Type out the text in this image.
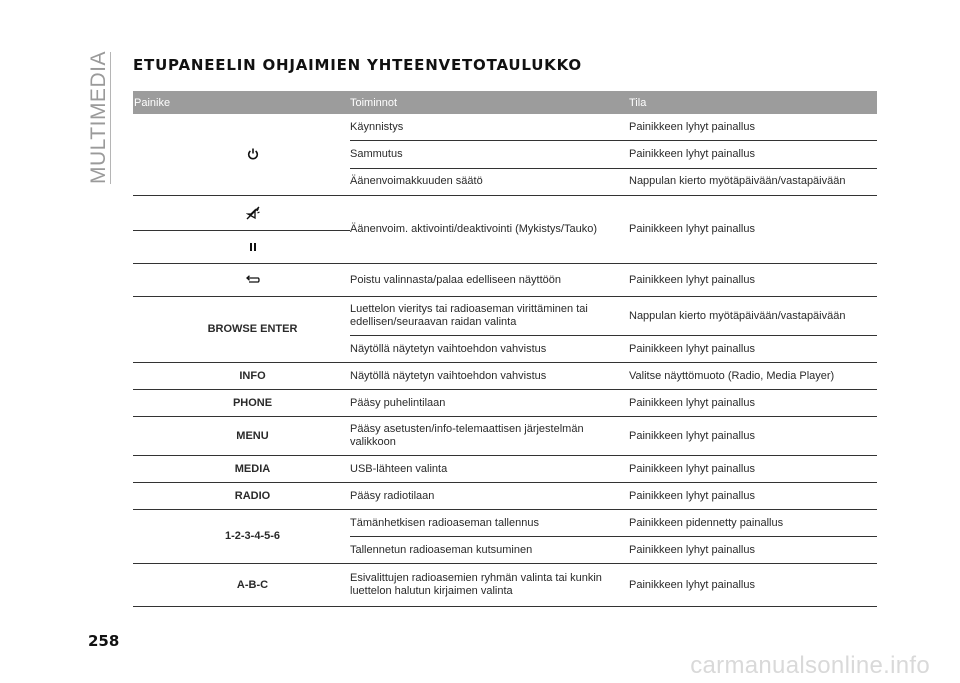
MULTIMEDIA ETUPANEELIN OHJAIMIEN YHTEENVETOTAULUKKO
Painike	Toiminnot	Tila
	Käynnistys	Painikkeen lyhyt painallus
	Sammutus	Painikkeen lyhyt painallus
	Äänenvoimakkuuden säätö	Nappulan kierto myötäpäivään/vastapäivään
	Äänenvoim. aktivointi/deaktivointi (Mykistys/Tauko)	Painikkeen lyhyt painallus

	Poistu valinnasta/palaa edelliseen näyttöön	Painikkeen lyhyt painallus
BROWSE ENTER	Luettelon vieritys tai radioaseman virittäminen tai edellisen/seuraavan raidan valinta	Nappulan kierto myötäpäivään/vastapäivään
	Näytöllä näytetyn vaihtoehdon vahvistus	Painikkeen lyhyt painallus
INFO	Näytöllä näytetyn vaihtoehdon vahvistus	Valitse näyttömuoto (Radio, Media Player)
PHONE	Pääsy puhelintilaan	Painikkeen lyhyt painallus
MENU	Pääsy asetusten/info-telemaattisen järjestelmän valikkoon	Painikkeen lyhyt painallus
MEDIA	USB-lähteen valinta	Painikkeen lyhyt painallus
RADIO	Pääsy radiotilaan	Painikkeen lyhyt painallus
1-2-3-4-5-6	Tämänhetkisen radioaseman tallennus	Painikkeen pidennetty painallus
	Tallennetun radioaseman kutsuminen	Painikkeen lyhyt painallus
A-B-C	Esivalittujen radioasemien ryhmän valinta tai kunkin luettelon halutun kirjaimen valinta	Painikkeen lyhyt painallus
258
carmanualsonline.info
